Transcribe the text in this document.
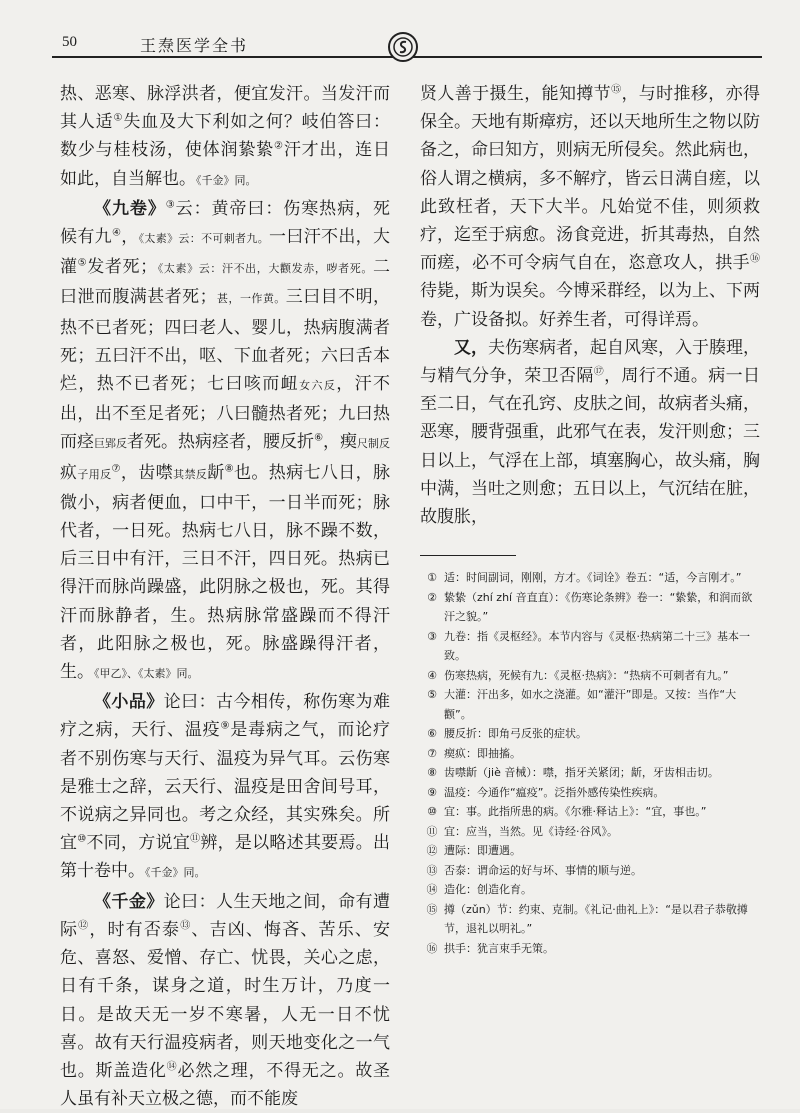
50	王焘医学全书

热、恶寒、脉浮洪者，便宜发汗。当发汗而其人适①失血及大下利如之何？岐伯答曰：数少与桂枝汤，使体润絷絷②汗才出，连日如此，自当解也。《千金》同。

《九卷》③云：黄帝曰：伤寒热病，死候有九④，《太素》云：不可刺者九。一曰汗不出，大灌⑤发者死；《太素》云：汗不出，大颧发赤，哕者死。二曰泄而腹满甚者死；甚，一作黄。三曰目不明，热不已者死；四曰老人、婴儿，热病腹满者死；五曰汗不出，呕、下血者死；六曰舌本烂，热不已者死；七曰咳而衄女六反，汗不出，出不至足者死；八曰髓热者死；九曰热而痉巨郢反者死。热病痉者，腰反折⑥，瘈尺制反疭子用反⑦，齿噤其禁反龂⑧也。热病七八日，脉微小，病者便血，口中干，一日半而死；脉代者，一日死。热病七八日，脉不躁不数，后三日中有汗，三日不汗，四日死。热病已得汗而脉尚躁盛，此阴脉之极也，死。其得汗而脉静者，生。热病脉常盛躁而不得汗者，此阳脉之极也，死。脉盛躁得汗者，生。《甲乙》、《太素》同。

《小品》论曰：古今相传，称伤寒为难疗之病，天行、温疫⑨是毒病之气，而论疗者不别伤寒与天行、温疫为异气耳。云伤寒是雅士之辞，云天行、温疫是田舍间号耳，不说病之异同也。考之众经，其实殊矣。所宜⑩不同，方说宜⑪辨，是以略述其要焉。出第十卷中。《千金》同。

《千金》论曰：人生天地之间，命有遭际⑫，时有否泰⑬、吉凶、悔吝、苦乐、安危、喜怒、爱憎、存亡、忧畏，关心之虑，日有千条，谋身之道，时生万计，乃度一日。是故天无一岁不寒暑，人无一日不忧喜。故有天行温疫病者，则天地变化之一气也。斯盖造化⑭必然之理，不得无之。故圣人虽有补天立极之德，而不能废

贤人善于摄生，能知撙节⑮，与时推移，亦得保全。天地有斯瘴疠，还以天地所生之物以防备之，命曰知方，则病无所侵矣。然此病也，俗人谓之横病，多不解疗，皆云日满自瘥，以此致枉者，天下大半。凡始觉不佳，则须救疗，迄至于病愈。汤食竞进，折其毒热，自然而瘥，必不可令病气自在，恣意攻人，拱手⑯待毙，斯为误矣。今博采群经，以为上、下两卷，广设备拟。好养生者，可得详焉。

又，夫伤寒病者，起自风寒，入于腠理，与精气分争，荣卫否隔⑰，周行不通。病一日至二日，气在孔窍、皮肤之间，故病者头痛，恶寒，腰背强重，此邪气在表，发汗则愈；三日以上，气浮在上部，填塞胸心，故头痛，胸中满，当吐之则愈；五日以上，气沉结在脏，故腹胀，

① 适：时间副词，刚刚，方才。《词诠》卷五：“适，今言刚才。”
② 絷絷（zhí zhí 音直直）：《伤寒论条辨》卷一：“絷絷，和润而欲汗之貌。”
③ 九卷：指《灵枢经》。本节内容与《灵枢·热病第二十三》基本一致。
④ 伤寒热病，死候有九：《灵枢·热病》：“热病不可刺者有九。”
⑤ 大灌：汗出多，如水之浇灌。如“灌汗”即是。又按：当作“大颧”。
⑥ 腰反折：即角弓反张的症状。
⑦ 瘈疭：即抽搐。
⑧ 齿噤龂（jiè 音械）：噤，指牙关紧闭；龂，牙齿相击切。
⑨ 温疫：今通作“瘟疫”。泛指外感传染性疾病。
⑩ 宜：事。此指所患的病。《尔雅·释诂上》：“宜，事也。”
⑪ 宜：应当，当然。见《诗经·谷风》。
⑫ 遭际：即遭遇。
⑬ 否泰：谓命运的好与坏、事情的顺与逆。
⑭ 造化：创造化育。
⑮ 撙（zǔn）节：约束、克制。《礼记·曲礼上》：“是以君子恭敬撙节，退礼以明礼。”
⑯ 拱手：犹言束手无策。
